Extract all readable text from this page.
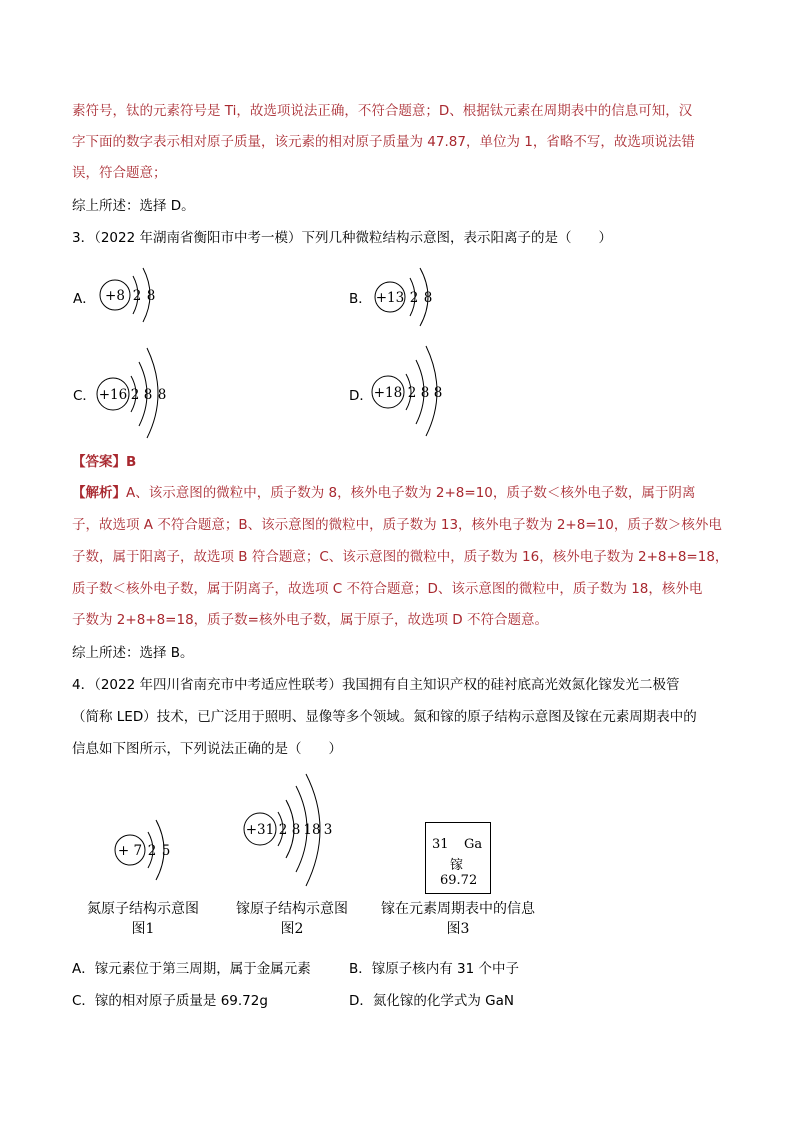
素符号，钛的元素符号是 Ti，故选项说法正确，不符合题意；D、根据钛元素在周期表中的信息可知，汉
字下面的数字表示相对原子质量，该元素的相对原子质量为 47.87，单位为 1，省略不写，故选项说法错
误，符合题意；
综上所述：选择 D。
3．（2022 年湖南省衡阳市中考一模）下列几种微粒结构示意图，表示阳离子的是（　　）
A． +8 2 8	B． +13 2 8
C． +16 2 8 8	D． +18 2 8 8
【答案】B
【解析】A、该示意图的微粒中，质子数为 8，核外电子数为 2+8=10，质子数＜核外电子数，属于阴离
子，故选项 A 不符合题意；B、该示意图的微粒中，质子数为 13，核外电子数为 2+8=10，质子数＞核外电
子数，属于阳离子，故选项 B 符合题意；C、该示意图的微粒中，质子数为 16，核外电子数为 2+8+8=18，
质子数＜核外电子数，属于阴离子，故选项 C 不符合题意；D、该示意图的微粒中，质子数为 18，核外电
子数为 2+8+8=18，质子数=核外电子数，属于原子，故选项 D 不符合题意。
综上所述：选择 B。
4．（2022 年四川省南充市中考适应性联考）我国拥有自主知识产权的硅衬底高光效氮化镓发光二极管
（简称 LED）技术，已广泛用于照明、显像等多个领域。氮和镓的原子结构示意图及镓在元素周期表中的
信息如下图所示，下列说法正确的是（　　）
+ 7 2 5
+31 2 8 18 3
31 Ga
镓
69.72
氮原子结构示意图
图1
镓原子结构示意图
图2
镓在元素周期表中的信息
图3
A．镓元素位于第三周期，属于金属元素	B．镓原子核内有 31 个中子
C．镓的相对原子质量是 69.72g	D．氮化镓的化学式为 GaN
